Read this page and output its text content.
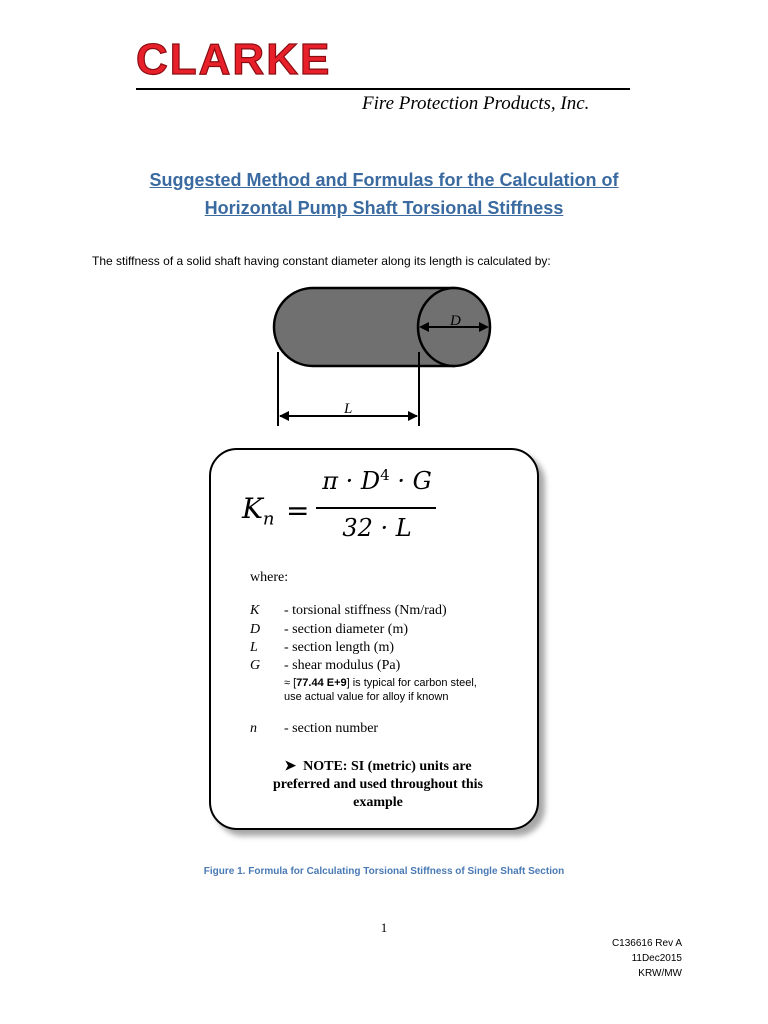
CLARKE
Fire Protection Products, Inc.
Suggested Method and Formulas for the Calculation of
Horizontal Pump Shaft Torsional Stiffness
The stiffness of a solid shaft having constant diameter along its length is calculated by:
D
L
$K_n$ =
$\pi \cdot D^4 \cdot G$
32 · L
where:
K	- torsional stiffness (Nm/rad)
D	- section diameter (m)
L	- section length (m)
G	- shear modulus (Pa)
≈ [77.44 E+9] is typical for carbon steel, use actual value for alloy if known
n	- section number
➤ NOTE: SI (metric) units are preferred and used throughout this example
Figure 1. Formula for Calculating Torsional Stiffness of Single Shaft Section
1
C136616 Rev A
11Dec2015
KRW/MW
